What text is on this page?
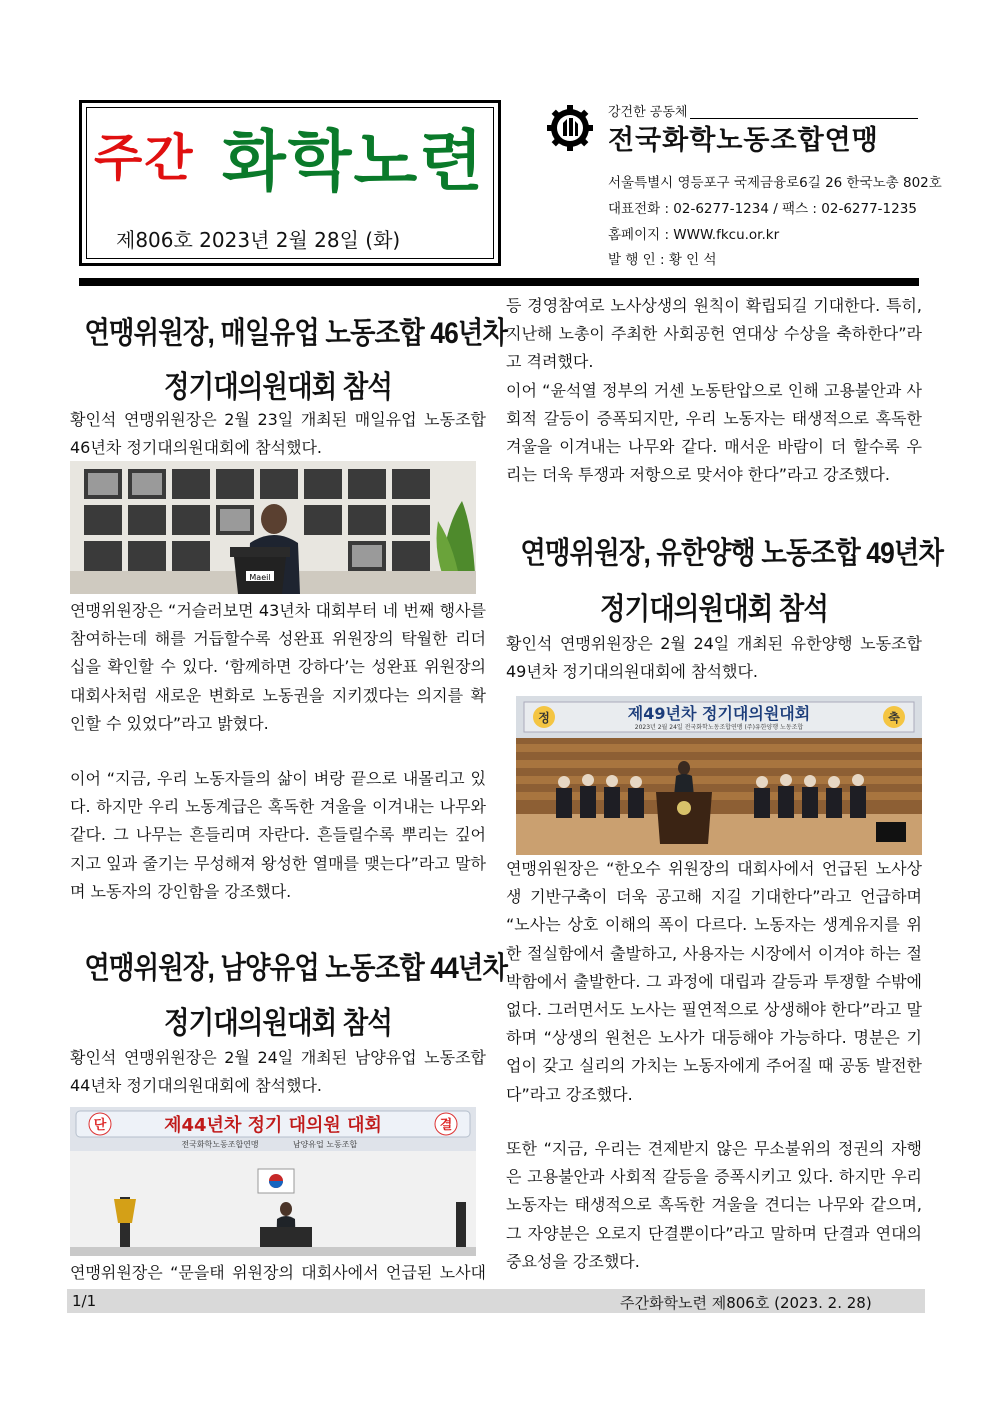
주간 화학노련
제806호 2023년 2월 28일 (화)
강건한 공동체
전국화학노동조합연맹
서울특별시 영등포구 국제금융로6길 26 한국노총 802호
대표전화 : 02-6277-1234 / 팩스 : 02-6277-1235
홈페이지 : WWW.fkcu.or.kr
발 행 인 : 황 인 석
연맹위원장, 매일유업 노동조합 46년차
정기대의원대회 참석
황인석 연맹위원장은 2월 23일 개최된 매일유업 노동조합 46년차 정기대의원대회에 참석했다.
Maeil
연맹위원장은 “거슬러보면 43년차 대회부터 네 번째 행사를 참여하는데 해를 거듭할수록 성완표 위원장의 탁월한 리더십을 확인할 수 있다. ‘함께하면 강하다’는 성완표 위원장의 대회사처럼 새로운 변화로 노동권을 지키겠다는 의지를 확인할 수 있었다”라고 밝혔다.
이어 “지금, 우리 노동자들의 삶이 벼랑 끝으로 내몰리고 있다. 하지만 우리 노동계급은 혹독한 겨울을 이겨내는 나무와 같다. 그 나무는 흔들리며 자란다. 흔들릴수록 뿌리는 깊어지고 잎과 줄기는 무성해져 왕성한 열매를 맺는다”라고 말하며 노동자의 강인함을 강조했다.
연맹위원장, 남양유업 노동조합 44년차
정기대의원대회 참석
황인석 연맹위원장은 2월 24일 개최된 남양유업 노동조합 44년차 정기대의원대회에 참석했다.
단	결
제44년차 정기 대의원 대회
전국화학노동조합연맹	남양유업 노동조합
연맹위원장은 “문을태 위원장의 대회사에서 언급된 노사대
등 경영참여로 노사상생의 원칙이 확립되길 기대한다. 특히, 지난해 노총이 주최한 사회공헌 연대상 수상을 축하한다”라고 격려했다.
이어 “윤석열 정부의 거센 노동탄압으로 인해 고용불안과 사회적 갈등이 증폭되지만, 우리 노동자는 태생적으로 혹독한 겨울을 이겨내는 나무와 같다. 매서운 바람이 더 할수록 우리는 더욱 투쟁과 저항으로 맞서야 한다”라고 강조했다.
연맹위원장, 유한양행 노동조합 49년차
정기대의원대회 참석
황인석 연맹위원장은 2월 24일 개최된 유한양행 노동조합 49년차 정기대의원대회에 참석했다.
정	축
제49년차 정기대의원대회
2023년 2월 24일 전국화학노동조합연맹 (주)유한양행 노동조합
연맹위원장은 “한오수 위원장의 대회사에서 언급된 노사상생 기반구축이 더욱 공고해 지길 기대한다”라고 언급하며 “노사는 상호 이해의 폭이 다르다. 노동자는 생계유지를 위한 절실함에서 출발하고, 사용자는 시장에서 이겨야 하는 절박함에서 출발한다. 그 과정에 대립과 갈등과 투쟁할 수밖에 없다. 그러면서도 노사는 필연적으로 상생해야 한다”라고 말하며 “상생의 원천은 노사가 대등해야 가능하다. 명분은 기업이 갖고 실리의 가치는 노동자에게 주어질 때 공동 발전한다”라고 강조했다.
또한 “지금, 우리는 견제받지 않은 무소불위의 정권의 자행은 고용불안과 사회적 갈등을 증폭시키고 있다. 하지만 우리 노동자는 태생적으로 혹독한 겨울을 견디는 나무와 같으며, 그 자양분은 오로지 단결뿐이다”라고 말하며 단결과 연대의 중요성을 강조했다.
1/1	주간화학노련 제806호 (2023. 2. 28)
